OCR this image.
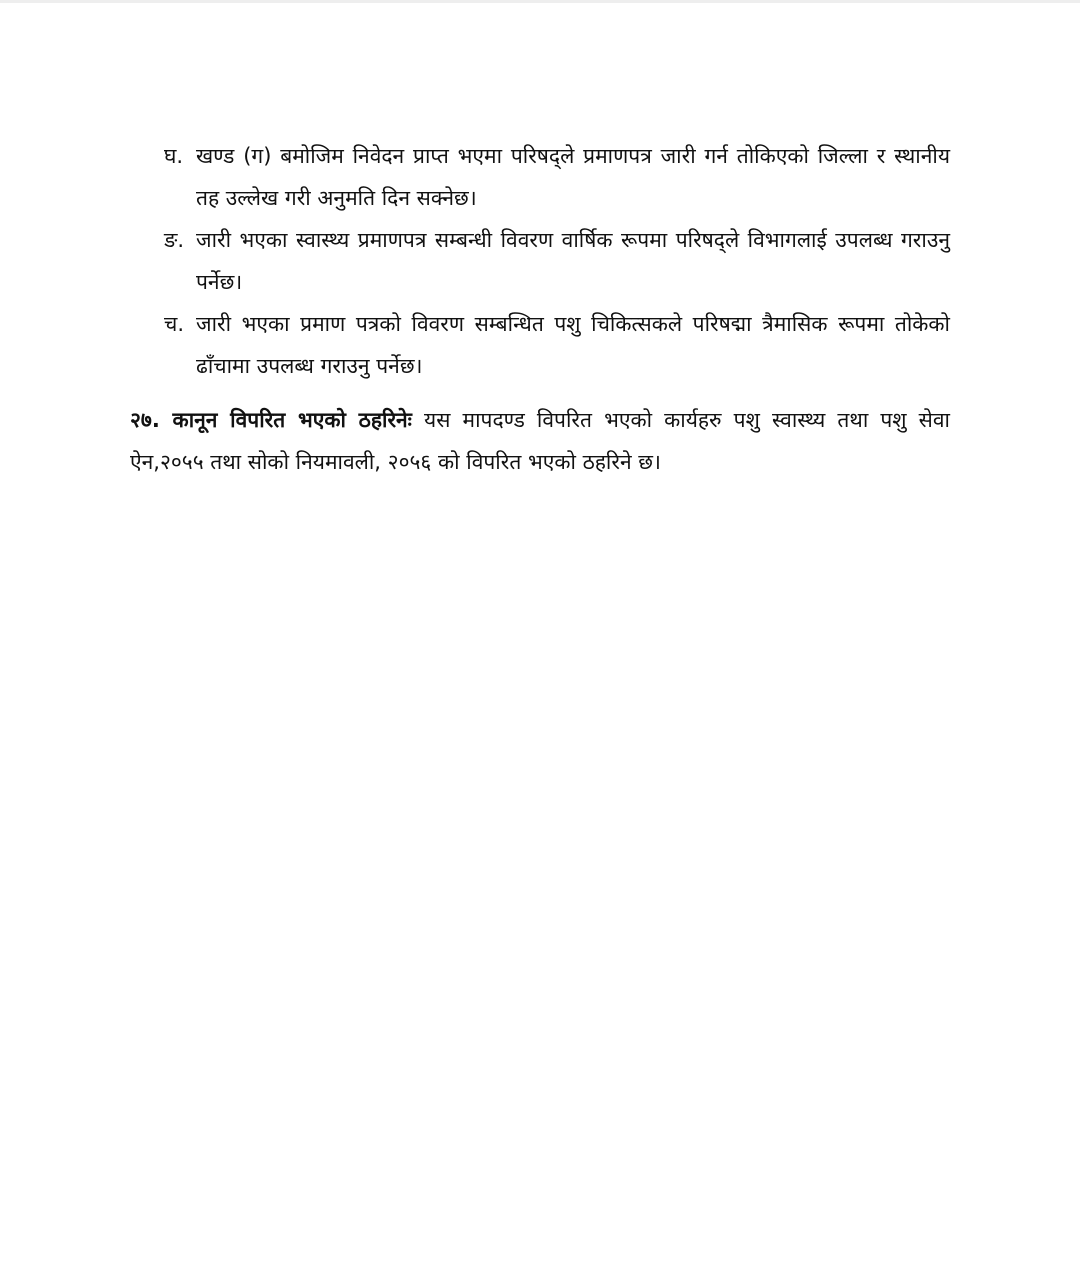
घ. खण्ड (ग) बमोजिम निवेदन प्राप्त भएमा परिषद्ले प्रमाणपत्र जारी गर्न तोकिएको जिल्ला र स्थानीय तह उल्लेख गरी अनुमति दिन सक्नेछ।
ङ. जारी भएका स्वास्थ्य प्रमाणपत्र सम्बन्धी विवरण वार्षिक रूपमा परिषद्ले विभागलाई उपलब्ध गराउनु पर्नेछ।
च. जारी भएका प्रमाण पत्रको विवरण सम्बन्धित पशु चिकित्सकले परिषद्मा त्रैमासिक रूपमा तोकेको ढाँचामा उपलब्ध गराउनु पर्नेछ।
२७. कानून विपरित भएको ठहरिनेः यस मापदण्ड विपरित भएको कार्यहरु पशु स्वास्थ्य तथा पशु सेवा ऐन,२०५५ तथा सोको नियमावली, २०५६ को विपरित भएको ठहरिने छ।
